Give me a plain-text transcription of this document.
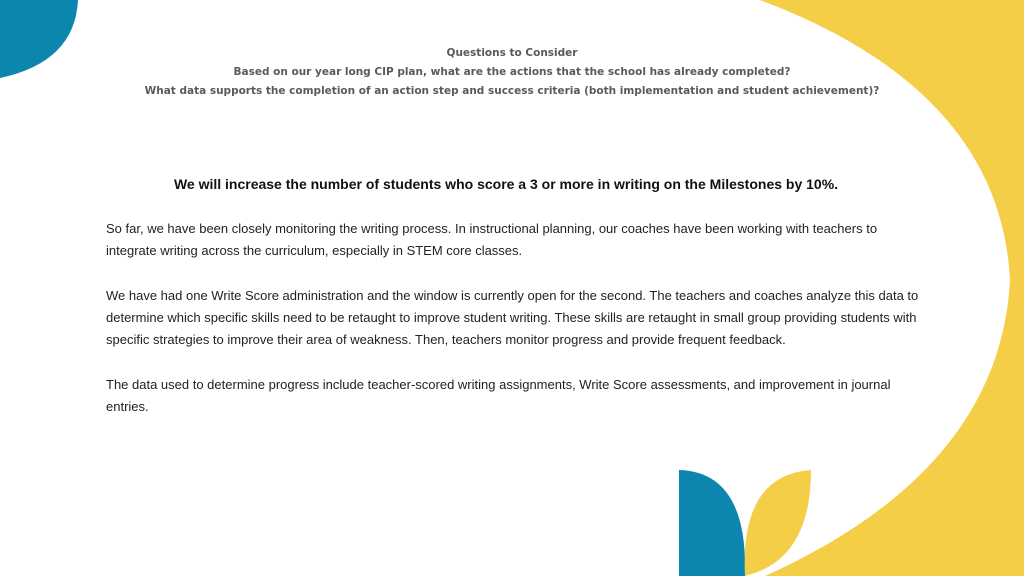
Questions to Consider
Based on our year long CIP plan, what are the actions that the school has already completed?
What data supports the completion of an action step and success criteria (both implementation and student achievement)?
We will increase the number of students who score a 3 or more in writing on the Milestones by 10%.

So far, we have been closely monitoring the writing process. In instructional planning, our coaches have been working with teachers to integrate writing across the curriculum, especially in STEM core classes.

We have had one Write Score administration and the window is currently open for the second. The teachers and coaches analyze this data to determine which specific skills need to be retaught to improve student writing. These skills are retaught in small group providing students with specific strategies to improve their area of weakness. Then, teachers monitor progress and provide frequent feedback.

The data used to determine progress include teacher-scored writing assignments, Write Score assessments, and improvement in journal entries.
